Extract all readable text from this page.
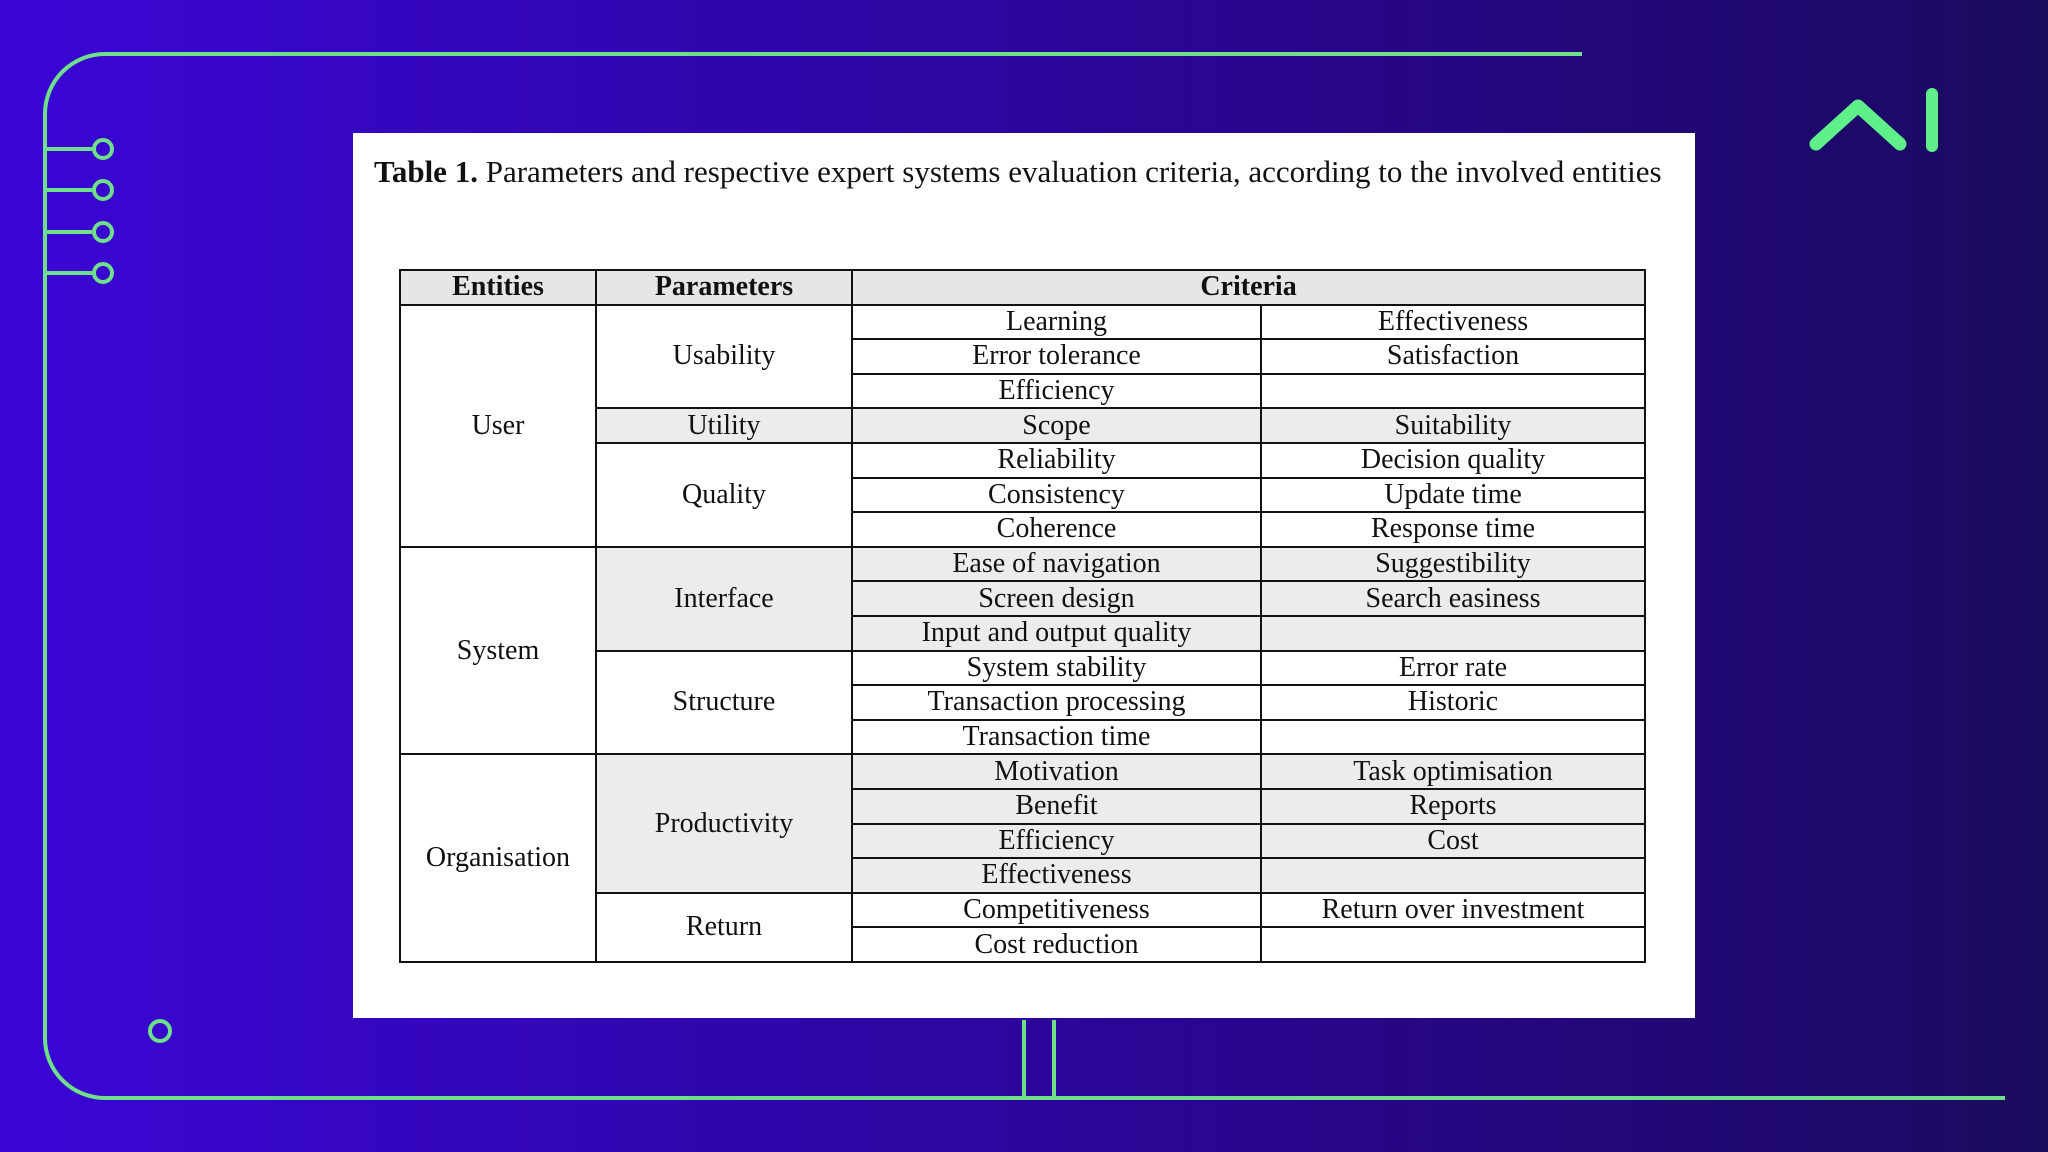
Table 1. Parameters and respective expert systems evaluation criteria, according to the involved entities

Entities	Parameters	Criteria	
User	Usability	Learning	Effectiveness
		Error tolerance	Satisfaction
		Efficiency	
	Utility	Scope	Suitability
	Quality	Reliability	Decision quality
		Consistency	Update time
		Coherence	Response time
System	Interface	Ease of navigation	Suggestibility
		Screen design	Search easiness
		Input and output quality	
	Structure	System stability	Error rate
		Transaction processing	Historic
		Transaction time	
Organisation	Productivity	Motivation	Task optimisation
		Benefit	Reports
		Efficiency	Cost
		Effectiveness	
	Return	Competitiveness	Return over investment
		Cost reduction	
